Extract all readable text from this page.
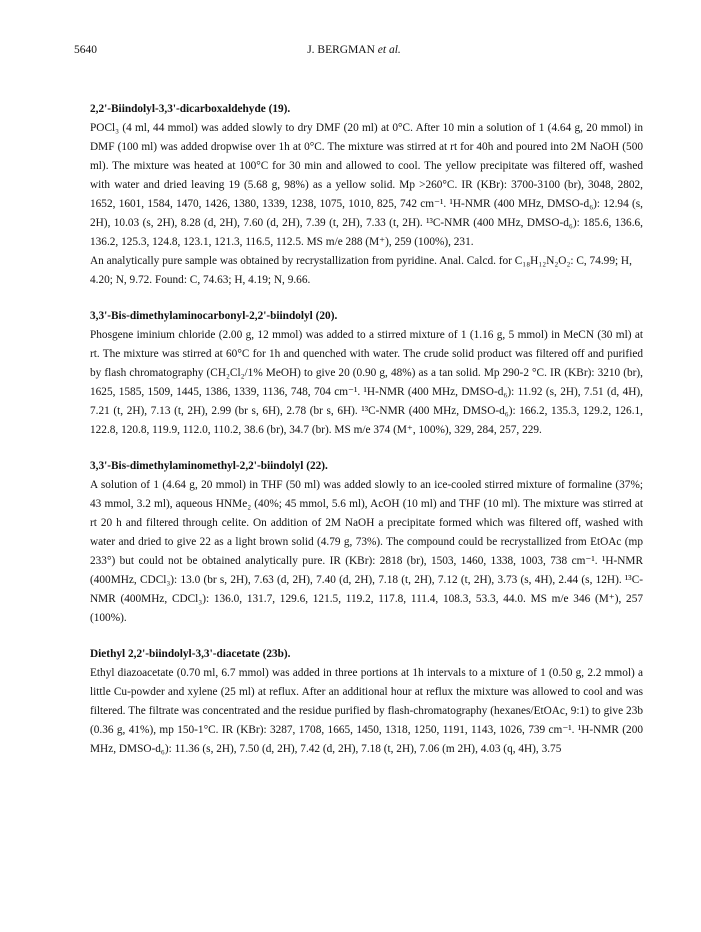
5640	J. BERGMAN et al.

2,2'-Biindolyl-3,3'-dicarboxaldehyde (19).

POCl₃ (4 ml, 44 mmol) was added slowly to dry DMF (20 ml) at 0°C. After 10 min a solution of 1 (4.64 g, 20 mmol) in DMF (100 ml) was added dropwise over 1h at 0°C. The mixture was stirred at rt for 40h and poured into 2M NaOH (500 ml). The mixture was heated at 100°C for 30 min and allowed to cool. The yellow precipitate was filtered off, washed with water and dried leaving 19 (5.68 g, 98%) as a yellow solid. Mp >260°C. IR (KBr): 3700-3100 (br), 3048, 2802, 1652, 1601, 1584, 1470, 1426, 1380, 1339, 1238, 1075, 1010, 825, 742 cm⁻¹. ¹H-NMR (400 MHz, DMSO-d₆): 12.94 (s, 2H), 10.03 (s, 2H), 8.28 (d, 2H), 7.60 (d, 2H), 7.39 (t, 2H), 7.33 (t, 2H). ¹³C-NMR (400 MHz, DMSO-d₆): 185.6, 136.6, 136.2, 125.3, 124.8, 123.1, 121.3, 116.5, 112.5. MS m/e 288 (M⁺), 259 (100%), 231.

An analytically pure sample was obtained by recrystallization from pyridine. Anal. Calcd. for C₁₈H₁₂N₂O₂: C, 74.99; H, 4.20; N, 9.72. Found: C, 74.63; H, 4.19; N, 9.66.

3,3'-Bis-dimethylaminocarbonyl-2,2'-biindolyl (20).

Phosgene iminium chloride (2.00 g, 12 mmol) was added to a stirred mixture of 1 (1.16 g, 5 mmol) in MeCN (30 ml) at rt. The mixture was stirred at 60°C for 1h and quenched with water. The crude solid product was filtered off and purified by flash chromatography (CH₂Cl₂/1% MeOH) to give 20 (0.90 g, 48%) as a tan solid. Mp 290-2 °C. IR (KBr): 3210 (br), 1625, 1585, 1509, 1445, 1386, 1339, 1136, 748, 704 cm⁻¹. ¹H-NMR (400 MHz, DMSO-d₆): 11.92 (s, 2H), 7.51 (d, 4H), 7.21 (t, 2H), 7.13 (t, 2H), 2.99 (br s, 6H), 2.78 (br s, 6H). ¹³C-NMR (400 MHz, DMSO-d₆): 166.2, 135.3, 129.2, 126.1, 122.8, 120.8, 119.9, 112.0, 110.2, 38.6 (br), 34.7 (br). MS m/e 374 (M⁺, 100%), 329, 284, 257, 229.

3,3'-Bis-dimethylaminomethyl-2,2'-biindolyl (22).

A solution of 1 (4.64 g, 20 mmol) in THF (50 ml) was added slowly to an ice-cooled stirred mixture of formaline (37%; 43 mmol, 3.2 ml), aqueous HNMe₂ (40%; 45 mmol, 5.6 ml), AcOH (10 ml) and THF (10 ml). The mixture was stirred at rt 20 h and filtered through celite. On addition of 2M NaOH a precipitate formed which was filtered off, washed with water and dried to give 22 as a light brown solid (4.79 g, 73%). The compound could be recrystallized from EtOAc (mp 233°) but could not be obtained analytically pure. IR (KBr): 2818 (br), 1503, 1460, 1338, 1003, 738 cm⁻¹. ¹H-NMR (400MHz, CDCl₃): 13.0 (br s, 2H), 7.63 (d, 2H), 7.40 (d, 2H), 7.18 (t, 2H), 7.12 (t, 2H), 3.73 (s, 4H), 2.44 (s, 12H). ¹³C-NMR (400MHz, CDCl₃): 136.0, 131.7, 129.6, 121.5, 119.2, 117.8, 111.4, 108.3, 53.3, 44.0. MS m/e 346 (M⁺), 257 (100%).

Diethyl 2,2'-biindolyl-3,3'-diacetate (23b).

Ethyl diazoacetate (0.70 ml, 6.7 mmol) was added in three portions at 1h intervals to a mixture of 1 (0.50 g, 2.2 mmol) a little Cu-powder and xylene (25 ml) at reflux. After an additional hour at reflux the mixture was allowed to cool and was filtered. The filtrate was concentrated and the residue purified by flash-chromatography (hexanes/EtOAc, 9:1) to give 23b (0.36 g, 41%), mp 150-1°C. IR (KBr): 3287, 1708, 1665, 1450, 1318, 1250, 1191, 1143, 1026, 739 cm⁻¹. ¹H-NMR (200 MHz, DMSO-d₆): 11.36 (s, 2H), 7.50 (d, 2H), 7.42 (d, 2H), 7.18 (t, 2H), 7.06 (m 2H), 4.03 (q, 4H), 3.75
